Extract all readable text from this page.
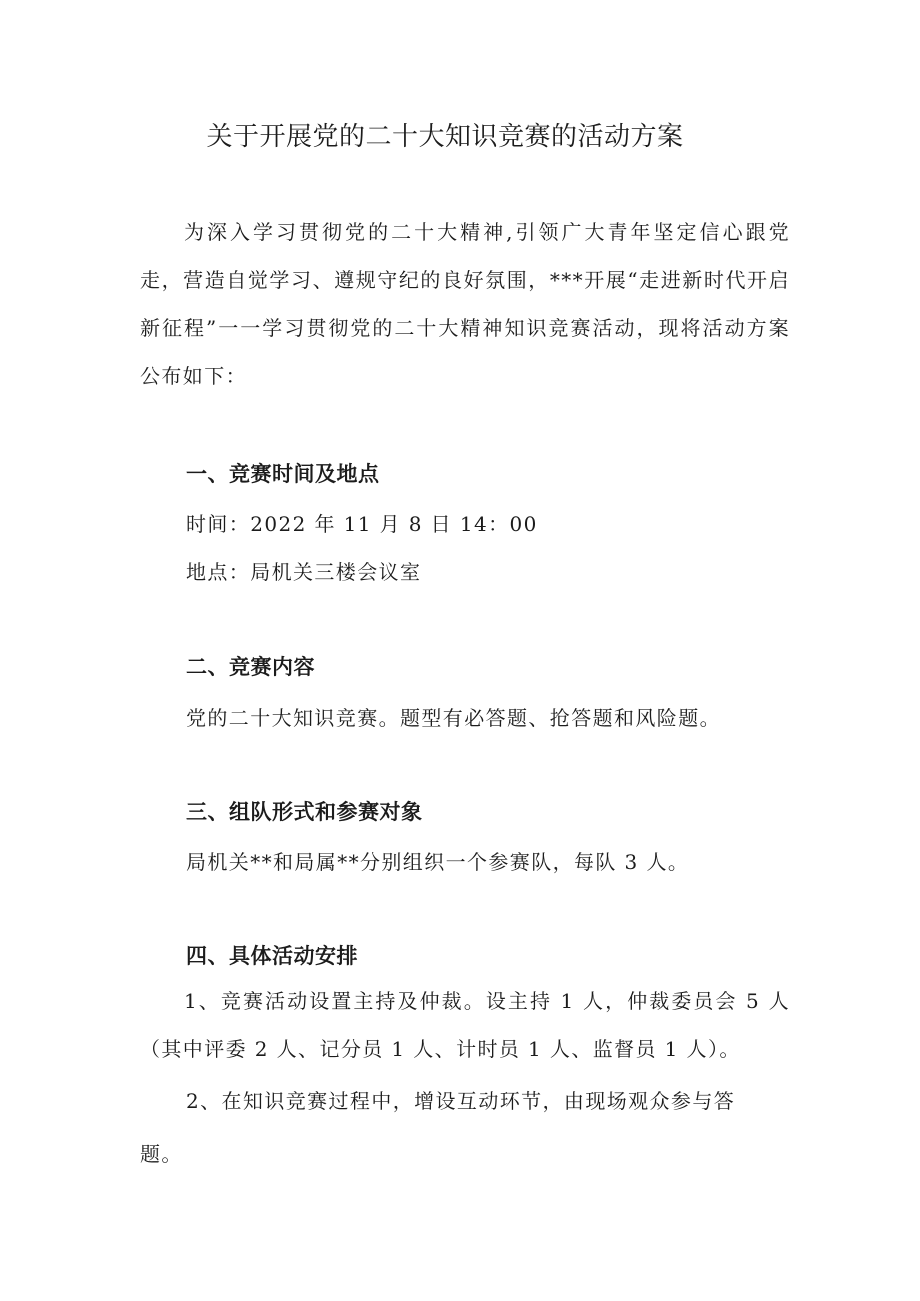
关于开展党的二十大知识竞赛的活动方案
为深入学习贯彻党的二十大精神,引领广大青年坚定信心跟党走，营造自觉学习、遵规守纪的良好氛围，***开展“走进新时代开启新征程”一一学习贯彻党的二十大精神知识竞赛活动，现将活动方案公布如下：
一、竞赛时间及地点
时间：2022 年 11 月 8 日 14：00
地点：局机关三楼会议室
二、竞赛内容
党的二十大知识竞赛。题型有必答题、抢答题和风险题。
三、组队形式和参赛对象
局机关**和局属**分别组织一个参赛队，每队 3 人。
四、具体活动安排
1、竞赛活动设置主持及仲裁。设主持 1 人，仲裁委员会 5 人（其中评委 2 人、记分员 1 人、计时员 1 人、监督员 1 人）。
2、在知识竞赛过程中，增设互动环节，由现场观众参与答
题。
